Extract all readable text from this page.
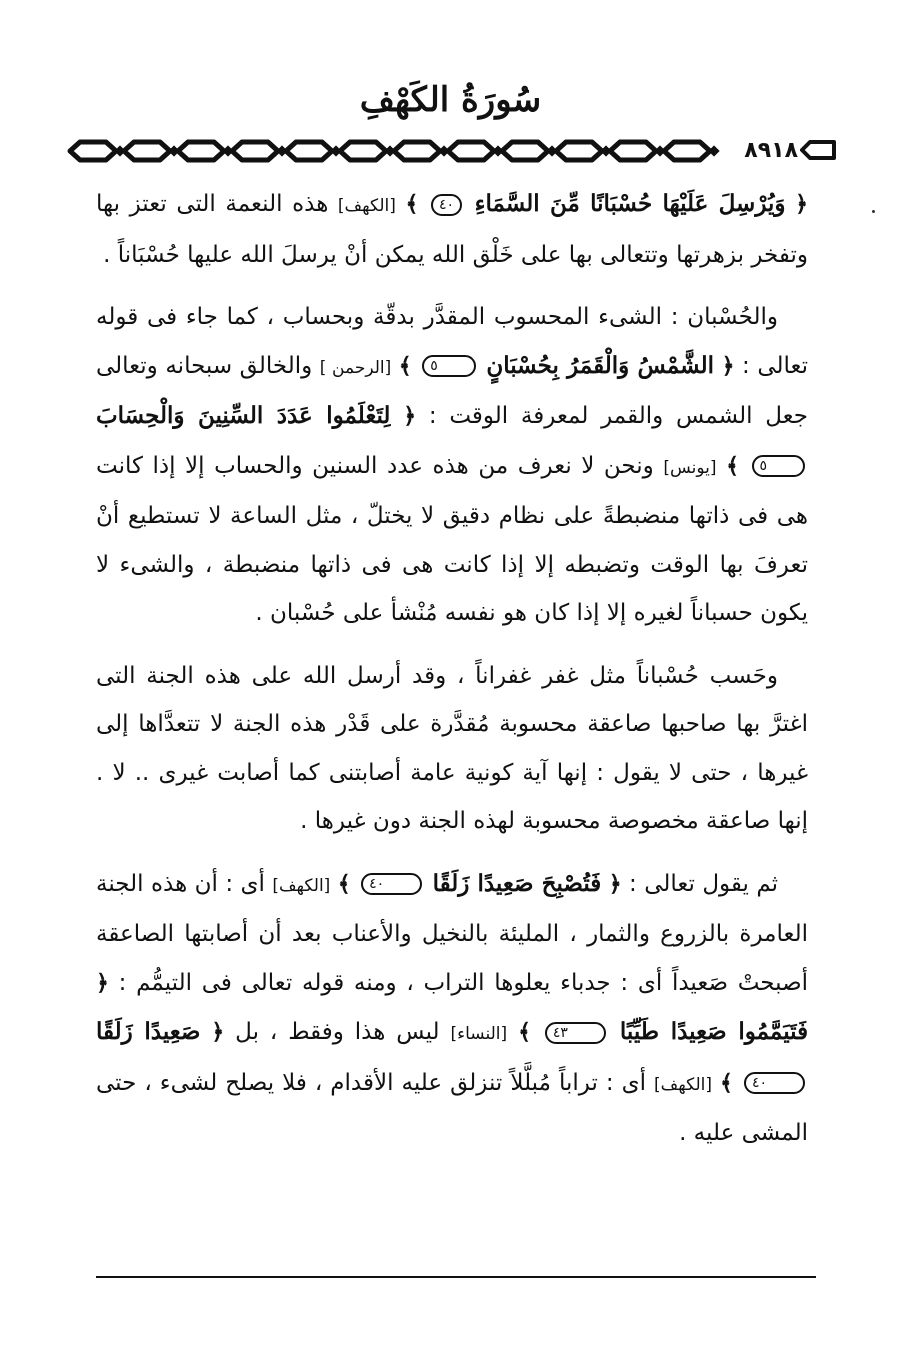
سُورَةُ الكَهْفِ
٨٩١٨

﴿ وَيُرْسِلَ عَلَيْهَا حُسْبَانًا مِّنَ السَّمَاءِ ٤٠ ﴾ [الكهف] هذه النعمة التى تعتز بها وتفخر بزهرتها وتتعالى بها على خَلْق الله يمكن أنْ يرسلَ الله عليها حُسْبَاناً .

والحُسْبان : الشىء المحسوب المقدَّر بدقّة وبحساب ، كما جاء فى قوله تعالى : ﴿ الشَّمْسُ وَالْقَمَرُ بِحُسْبَانٍ ٥ ﴾ [الرحمن ] والخالق سبحانه وتعالى جعل الشمس والقمر لمعرفة الوقت : ﴿ لِتَعْلَمُوا عَدَدَ السِّنِينَ وَالْحِسَابَ ٥ ﴾ [يونس] ونحن لا نعرف من هذه عدد السنين والحساب إلا إذا كانت هى فى ذاتها منضبطةً على نظام دقيق لا يختلّ ، مثل الساعة لا تستطيع أنْ تعرفَ بها الوقت وتضبطه إلا إذا كانت هى فى ذاتها منضبطة ، والشىء لا يكون حسباناً لغيره إلا إذا كان هو نفسه مُنْشأ على حُسْبان .

وحَسب حُسْباناً مثل غفر غفراناً ، وقد أرسل الله على هذه الجنة التى اغترَّ بها صاحبها صاعقة محسوبة مُقدَّرة على قَدْر هذه الجنة لا تتعدَّاها إلى غيرها ، حتى لا يقول : إنها آية كونية عامة أصابتنى كما أصابت غيرى .. لا . إنها صاعقة مخصوصة محسوبة لهذه الجنة دون غيرها .

ثم يقول تعالى : ﴿ فَتُصْبِحَ صَعِيدًا زَلَقًا ٤٠ ﴾ [الكهف] أى : أن هذه الجنة العامرة بالزروع والثمار ، المليئة بالنخيل والأعناب بعد أن أصابتها الصاعقة أصبحتْ صَعيداً أى : جدباء يعلوها التراب ، ومنه قوله تعالى فى التيمُّم : ﴿ فَتَيَمَّمُوا صَعِيدًا طَيِّبًا ٤٣ ﴾ [النساء] ليس هذا وفقط ، بل ﴿ صَعِيدًا زَلَقًا ٤٠ ﴾ [الكهف] أى : تراباً مُبلَّلاً تنزلق عليه الأقدام ، فلا يصلح لشىء ، حتى المشى عليه .
